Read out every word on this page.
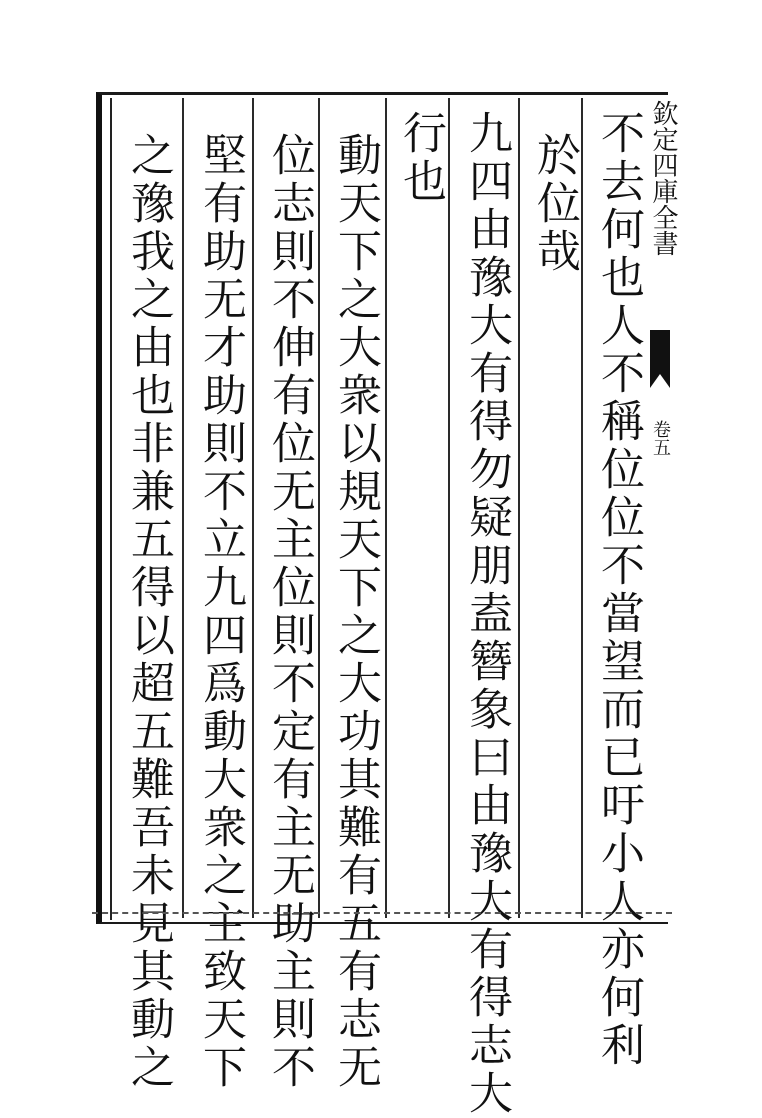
不去何也人不稱位位不當望而已吁小人亦何利
於位哉
九四由豫大有得勿疑朋盍簪象曰由豫大有得志大
行也
動天下之大衆以規天下之大功其難有五有志无
位志則不伸有位无主位則不定有主无助主則不
堅有助无才助則不立九四爲動大衆之主致天下
之豫我之由也非兼五得以超五難吾未見其動之	欽定四庫全書
卷五
